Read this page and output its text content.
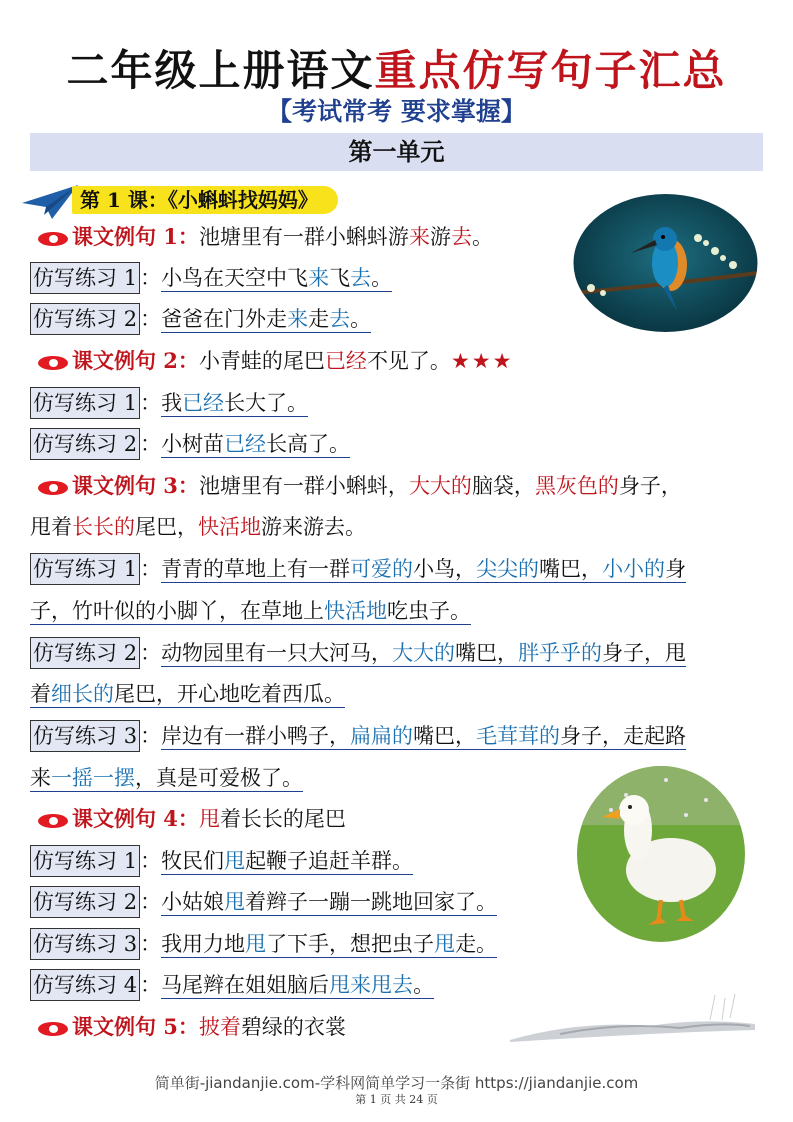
二年级上册语文重点仿写句子汇总
【考试常考 要求掌握】
第一单元
第 1 课：《小蝌蚪找妈妈》
课文例句 1：池塘里有一群小蝌蚪游来游去。
仿写练习 1 ：小鸟在天空中飞来飞去。
仿写练习 2 ：爸爸在门外走来走去。
课文例句 2：小青蛙的尾巴已经不见了。★★★
仿写练习 1 ：我已经长大了。
仿写练习 2 ：小树苗已经长高了。
课文例句 3：池塘里有一群小蝌蚪，大大的脑袋，黑灰色的身子，
甩着长长的尾巴，快活地游来游去。
仿写练习 1 ：青青的草地上有一群可爱的小鸟，尖尖的嘴巴，小小的身
子，竹叶似的小脚丫，在草地上快活地吃虫子。
仿写练习 2 ：动物园里有一只大河马，大大的嘴巴，胖乎乎的身子，甩
着细长的尾巴，开心地吃着西瓜。
仿写练习 3 ：岸边有一群小鸭子，扁扁的嘴巴，毛茸茸的身子，走起路
来一摇一摆，真是可爱极了。
课文例句 4：甩着长长的尾巴
仿写练习 1 ：牧民们甩起鞭子追赶羊群。
仿写练习 2 ：小姑娘甩着辫子一蹦一跳地回家了。
仿写练习 3 ：我用力地甩了下手，想把虫子甩走。
仿写练习 4 ：马尾辫在姐姐脑后甩来甩去。
课文例句 5：披着碧绿的衣裳
简单街-jiandanjie.com-学科网简单学习一条街 https://jiandanjie.com
第 1 页 共 24 页
